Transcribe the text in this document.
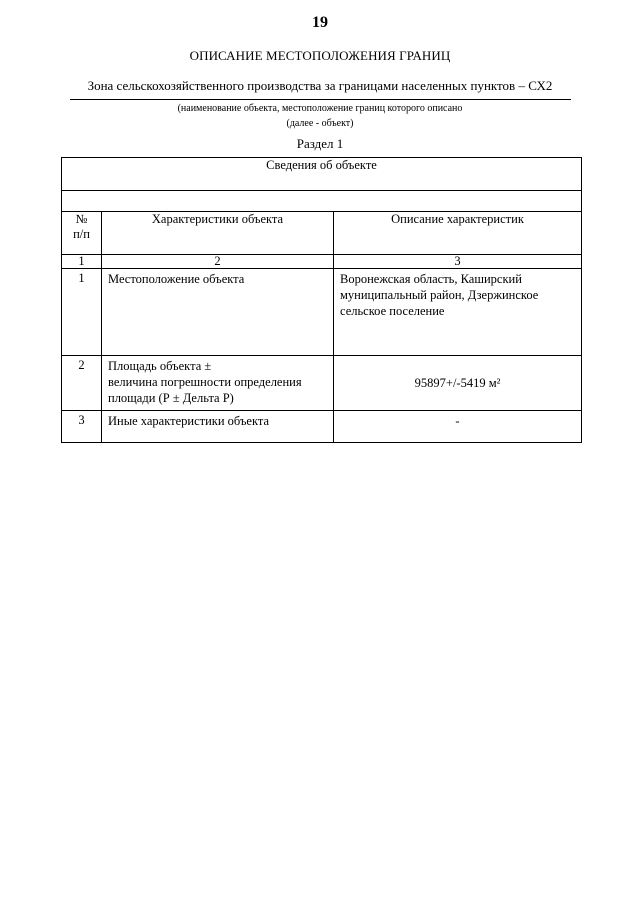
19
ОПИСАНИЕ МЕСТОПОЛОЖЕНИЯ ГРАНИЦ
Зона сельскохозяйственного производства за границами населенных пунктов – СХ2
(наименование объекта, местоположение границ которого описано
(далее - объект)
Раздел 1
Сведения об объекте		

№
п/п	Характеристики объекта	Описание характеристик
1	2	3
1	Местоположение объекта	Воронежская область, Каширский
муниципальный район, Дзержинское
сельское поселение

2	Площадь объекта ±
величина погрешности определения
площади (Р ± Дельта Р)	95897+/-5419 м²
3	Иные характеристики объекта	-
